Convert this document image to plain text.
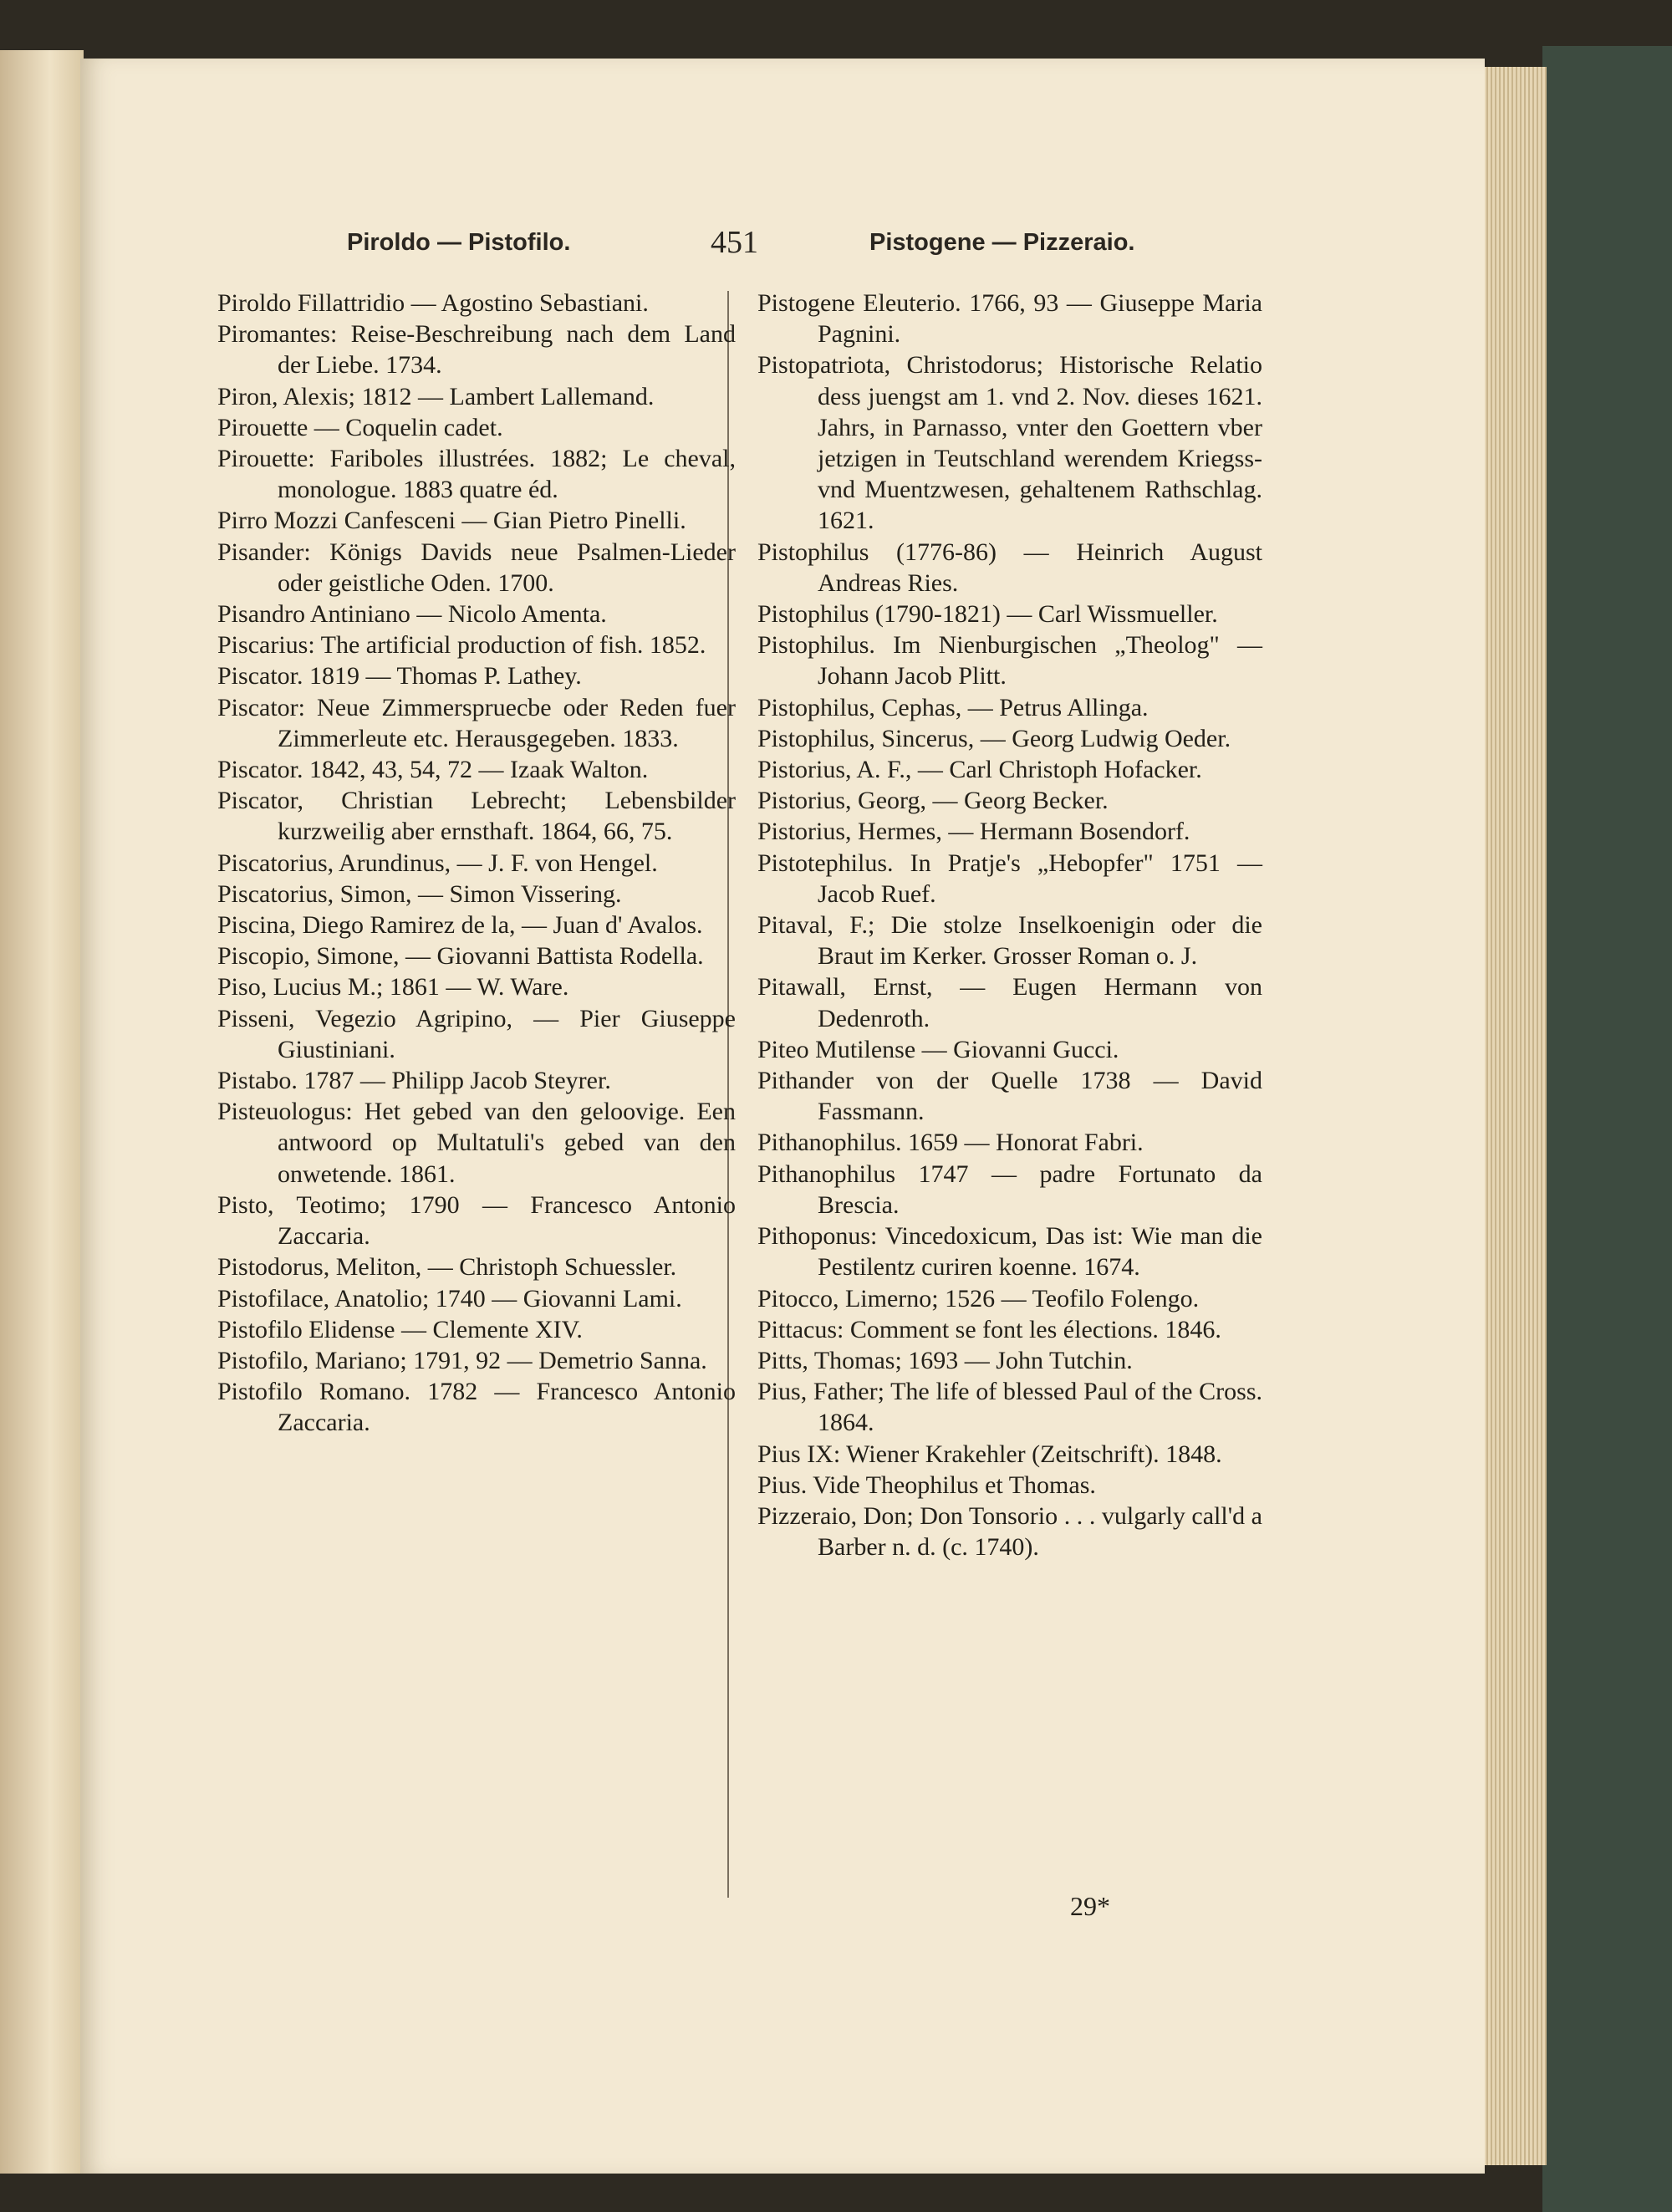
Piroldo — Pistofilo.	451	Pistogene — Pizzeraio.

Piroldo Fillattridio — Agostino Sebastiani.

Piromantes: Reise-Beschreibung nach dem Land der Liebe. 1734.

Piron, Alexis; 1812 — Lambert Lallemand.

Pirouette — Coquelin cadet.

Pirouette: Fariboles illustrées. 1882; Le cheval, monologue. 1883 quatre éd.

Pirro Mozzi Canfesceni — Gian Pietro Pinelli.

Pisander: Königs Davids neue Psalmen-Lieder oder geistliche Oden. 1700.

Pisandro Antiniano — Nicolo Amenta.

Piscarius: The artificial production of fish. 1852.

Piscator. 1819 — Thomas P. Lathey.

Piscator: Neue Zimmerspruecbe oder Reden fuer Zimmerleute etc. Herausgegeben. 1833.

Piscator. 1842, 43, 54, 72 — Izaak Walton.

Piscator, Christian Lebrecht; Lebensbilder kurzweilig aber ernsthaft. 1864, 66, 75.

Piscatorius, Arundinus, — J. F. von Hengel.

Piscatorius, Simon, — Simon Vissering.

Piscina, Diego Ramirez de la, — Juan d' Avalos.

Piscopio, Simone, — Giovanni Battista Rodella.

Piso, Lucius M.; 1861 — W. Ware.

Pisseni, Vegezio Agripino, — Pier Giuseppe Giustiniani.

Pistabo. 1787 — Philipp Jacob Steyrer.

Pisteuologus: Het gebed van den geloovige. Een antwoord op Multatuli's gebed van den onwetende. 1861.

Pisto, Teotimo; 1790 — Francesco Antonio Zaccaria.

Pistodorus, Meliton, — Christoph Schuessler.

Pistofilace, Anatolio; 1740 — Giovanni Lami.

Pistofilo Elidense — Clemente XIV.

Pistofilo, Mariano; 1791, 92 — Demetrio Sanna.

Pistofilo Romano. 1782 — Francesco Antonio Zaccaria.

Pistogene Eleuterio. 1766, 93 — Giuseppe Maria Pagnini.

Pistopatriota, Christodorus; Historische Relatio dess juengst am 1. vnd 2. Nov. dieses 1621. Jahrs, in Parnasso, vnter den Goettern vber jetzigen in Teutschland werendem Kriegss- vnd Muentzwesen, gehaltenem Rathschlag. 1621.

Pistophilus (1776-86) — Heinrich August Andreas Ries.

Pistophilus (1790-1821) — Carl Wissmueller.

Pistophilus. Im Nienburgischen „Theolog" — Johann Jacob Plitt.

Pistophilus, Cephas, — Petrus Allinga.

Pistophilus, Sincerus, — Georg Ludwig Oeder.

Pistorius, A. F., — Carl Christoph Hofacker.

Pistorius, Georg, — Georg Becker.

Pistorius, Hermes, — Hermann Bosendorf.

Pistotephilus. In Pratje's „Hebopfer" 1751 — Jacob Ruef.

Pitaval, F.; Die stolze Inselkoenigin oder die Braut im Kerker. Grosser Roman o. J.

Pitawall, Ernst, — Eugen Hermann von Dedenroth.

Piteo Mutilense — Giovanni Gucci.

Pithander von der Quelle 1738 — David Fassmann.

Pithanophilus. 1659 — Honorat Fabri.

Pithanophilus 1747 — padre Fortunato da Brescia.

Pithoponus: Vincedoxicum, Das ist: Wie man die Pestilentz curiren koenne. 1674.

Pitocco, Limerno; 1526 — Teofilo Folengo.

Pittacus: Comment se font les élections. 1846.

Pitts, Thomas; 1693 — John Tutchin.

Pius, Father; The life of blessed Paul of the Cross. 1864.

Pius IX: Wiener Krakehler (Zeitschrift). 1848.

Pius. Vide Theophilus et Thomas.

Pizzeraio, Don; Don Tonsorio . . . vulgarly call'd a Barber n. d. (c. 1740).

29*
